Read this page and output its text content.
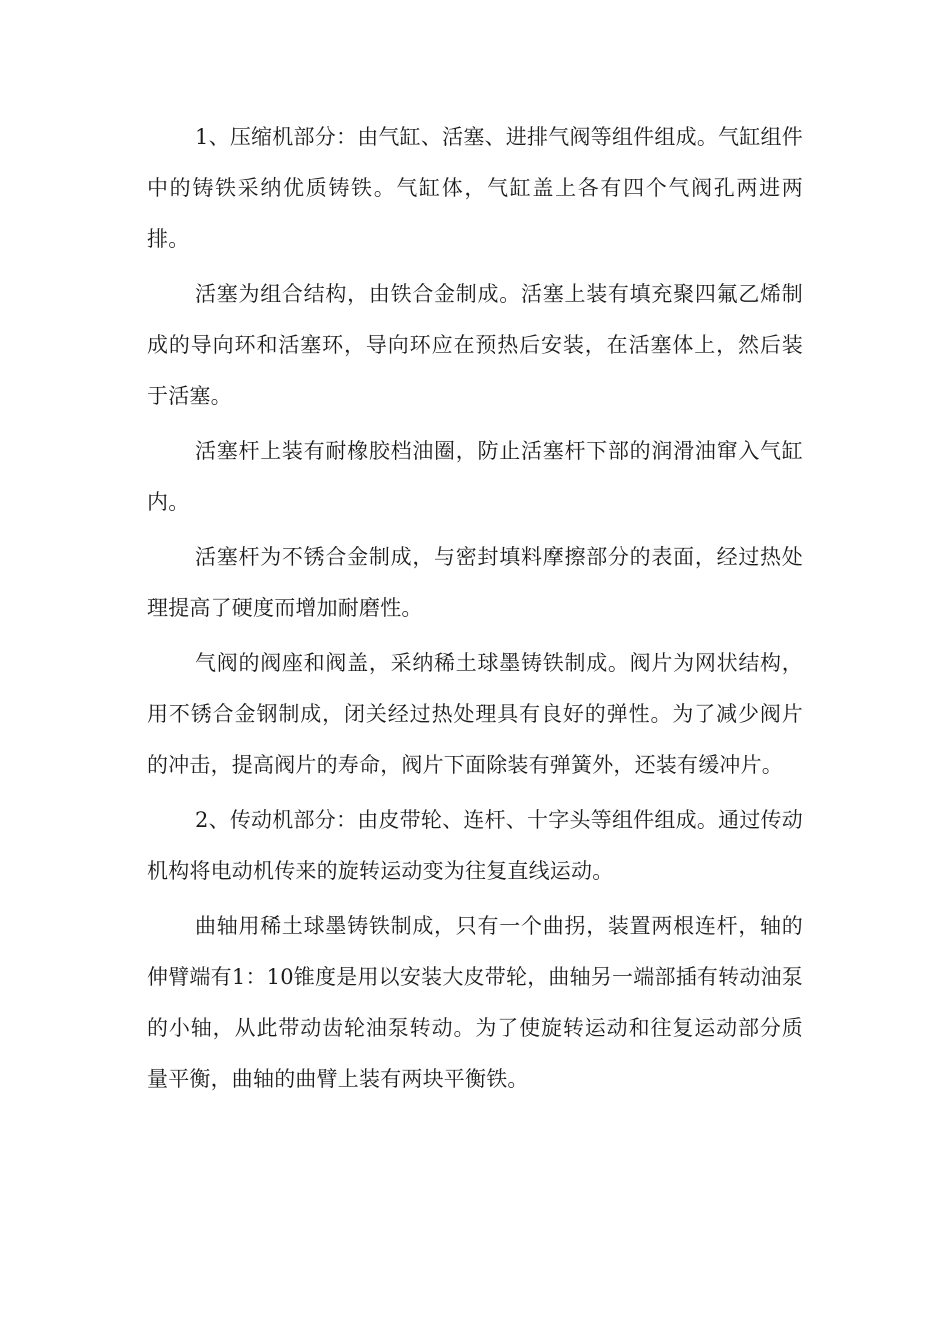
1、压缩机部分：由气缸、活塞、进排气阀等组件组成。气缸组件中的铸铁采纳优质铸铁。气缸体，气缸盖上各有四个气阀孔两进两排。

活塞为组合结构，由铁合金制成。活塞上装有填充聚四氟乙烯制成的导向环和活塞环，导向环应在预热后安装，在活塞体上，然后装于活塞。

活塞杆上装有耐橡胶档油圈，防止活塞杆下部的润滑油窜入气缸内。

活塞杆为不锈合金制成，与密封填料摩擦部分的表面，经过热处理提高了硬度而增加耐磨性。

气阀的阀座和阀盖，采纳稀土球墨铸铁制成。阀片为网状结构，用不锈合金钢制成，闭关经过热处理具有良好的弹性。为了减少阀片的冲击，提高阀片的寿命，阀片下面除装有弹簧外，还装有缓冲片。

2、传动机部分：由皮带轮、连杆、十字头等组件组成。通过传动机构将电动机传来的旋转运动变为往复直线运动。

曲轴用稀土球墨铸铁制成，只有一个曲拐，装置两根连杆，轴的伸臂端有1：10锥度是用以安装大皮带轮，曲轴另一端部插有转动油泵的小轴，从此带动齿轮油泵转动。为了使旋转运动和往复运动部分质量平衡，曲轴的曲臂上装有两块平衡铁。
